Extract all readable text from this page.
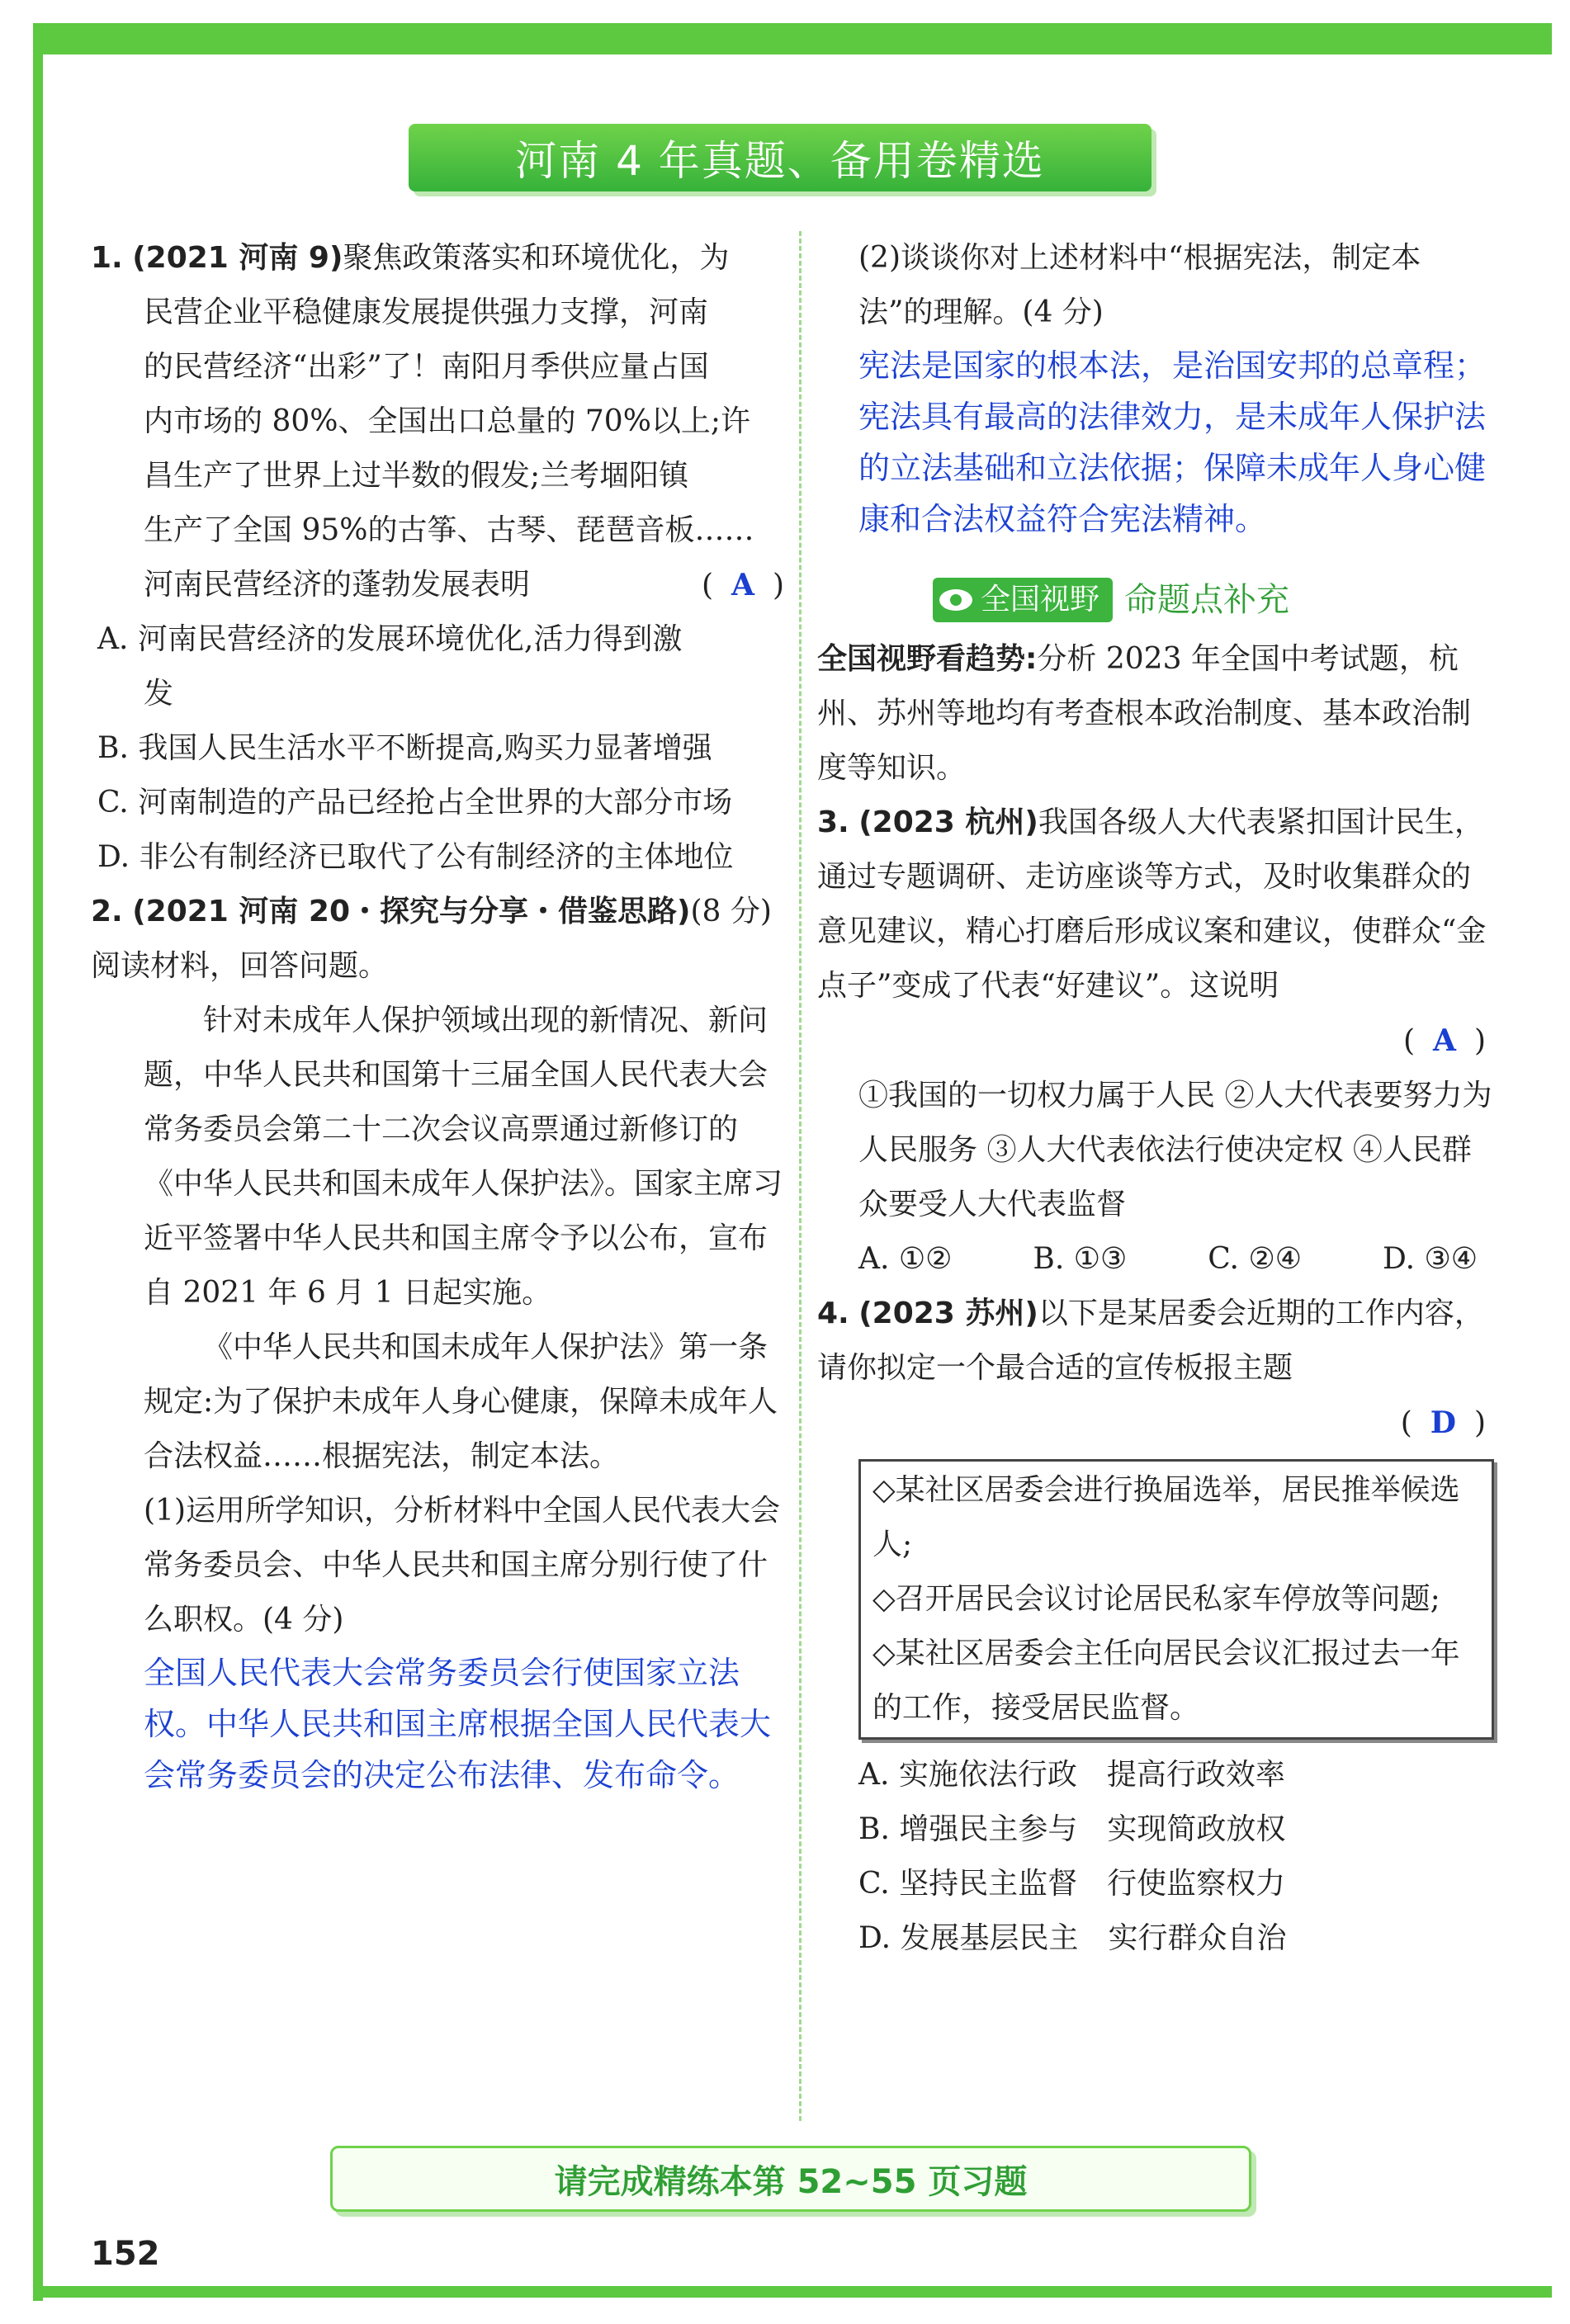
河南 4 年真题、备用卷精选

1. (2021 河南 9)聚焦政策落实和环境优化，为

民营企业平稳健康发展提供强力支撑，河南

的民营经济“出彩”了！南阳月季供应量占国

内市场的 80%、全国出口总量的 70%以上;许

昌生产了世界上过半数的假发;兰考堌阳镇

生产了全国 95%的古筝、古琴、琵琶音板……

河南民营经济的蓬勃发展表明	( A )

A. 河南民营经济的发展环境优化,活力得到激发

B. 我国人民生活水平不断提高,购买力显著增强

C. 河南制造的产品已经抢占全世界的大部分市场

D. 非公有制经济已取代了公有制经济的主体地位

2. (2021 河南 20・探究与分享・借鉴思路)(8 分)阅读材料，回答问题。

针对未成年人保护领域出现的新情况、新问题，中华人民共和国第十三届全国人民代表大会常务委员会第二十二次会议高票通过新修订的《中华人民共和国未成年人保护法》。国家主席习近平签署中华人民共和国主席令予以公布，宣布自 2021 年 6 月 1 日起实施。

《中华人民共和国未成年人保护法》第一条规定:为了保护未成年人身心健康，保障未成年人合法权益……根据宪法，制定本法。

(1)运用所学知识，分析材料中全国人民代表大会常务委员会、中华人民共和国主席分别行使了什么职权。(4 分)

全国人民代表大会常务委员会行使国家立法权。中华人民共和国主席根据全国人民代表大会常务委员会的决定公布法律、发布命令。

(2)谈谈你对上述材料中“根据宪法，制定本法”的理解。(4 分)

宪法是国家的根本法，是治国安邦的总章程；宪法具有最高的法律效力，是未成年人保护法的立法基础和立法依据；保障未成年人身心健康和合法权益符合宪法精神。

全国视野 命题点补充

全国视野看趋势:分析 2023 年全国中考试题，杭州、苏州等地均有考查根本政治制度、基本政治制度等知识。

3. (2023 杭州)我国各级人大代表紧扣国计民生，通过专题调研、走访座谈等方式，及时收集群众的意见建议，精心打磨后形成议案和建议，使群众“金点子”变成了代表“好建议”。这说明

( A )

①我国的一切权力属于人民 ②人大代表要努力为人民服务 ③人大代表依法行使决定权 ④人民群众要受人大代表监督

A. ①②	B. ①③	C. ②④	D. ③④

4. (2023 苏州)以下是某居委会近期的工作内容，请你拟定一个最合适的宣传板报主题

( D )

◇某社区居委会进行换届选举，居民推举候选人;

◇召开居民会议讨论居民私家车停放等问题;

◇某社区居委会主任向居民会议汇报过去一年的工作，接受居民监督。

A. 实施依法行政　提高行政效率

B. 增强民主参与　实现简政放权

C. 坚持民主监督　行使监察权力

D. 发展基层民主　实行群众自治

请完成精练本第 52~55 页习题
152
